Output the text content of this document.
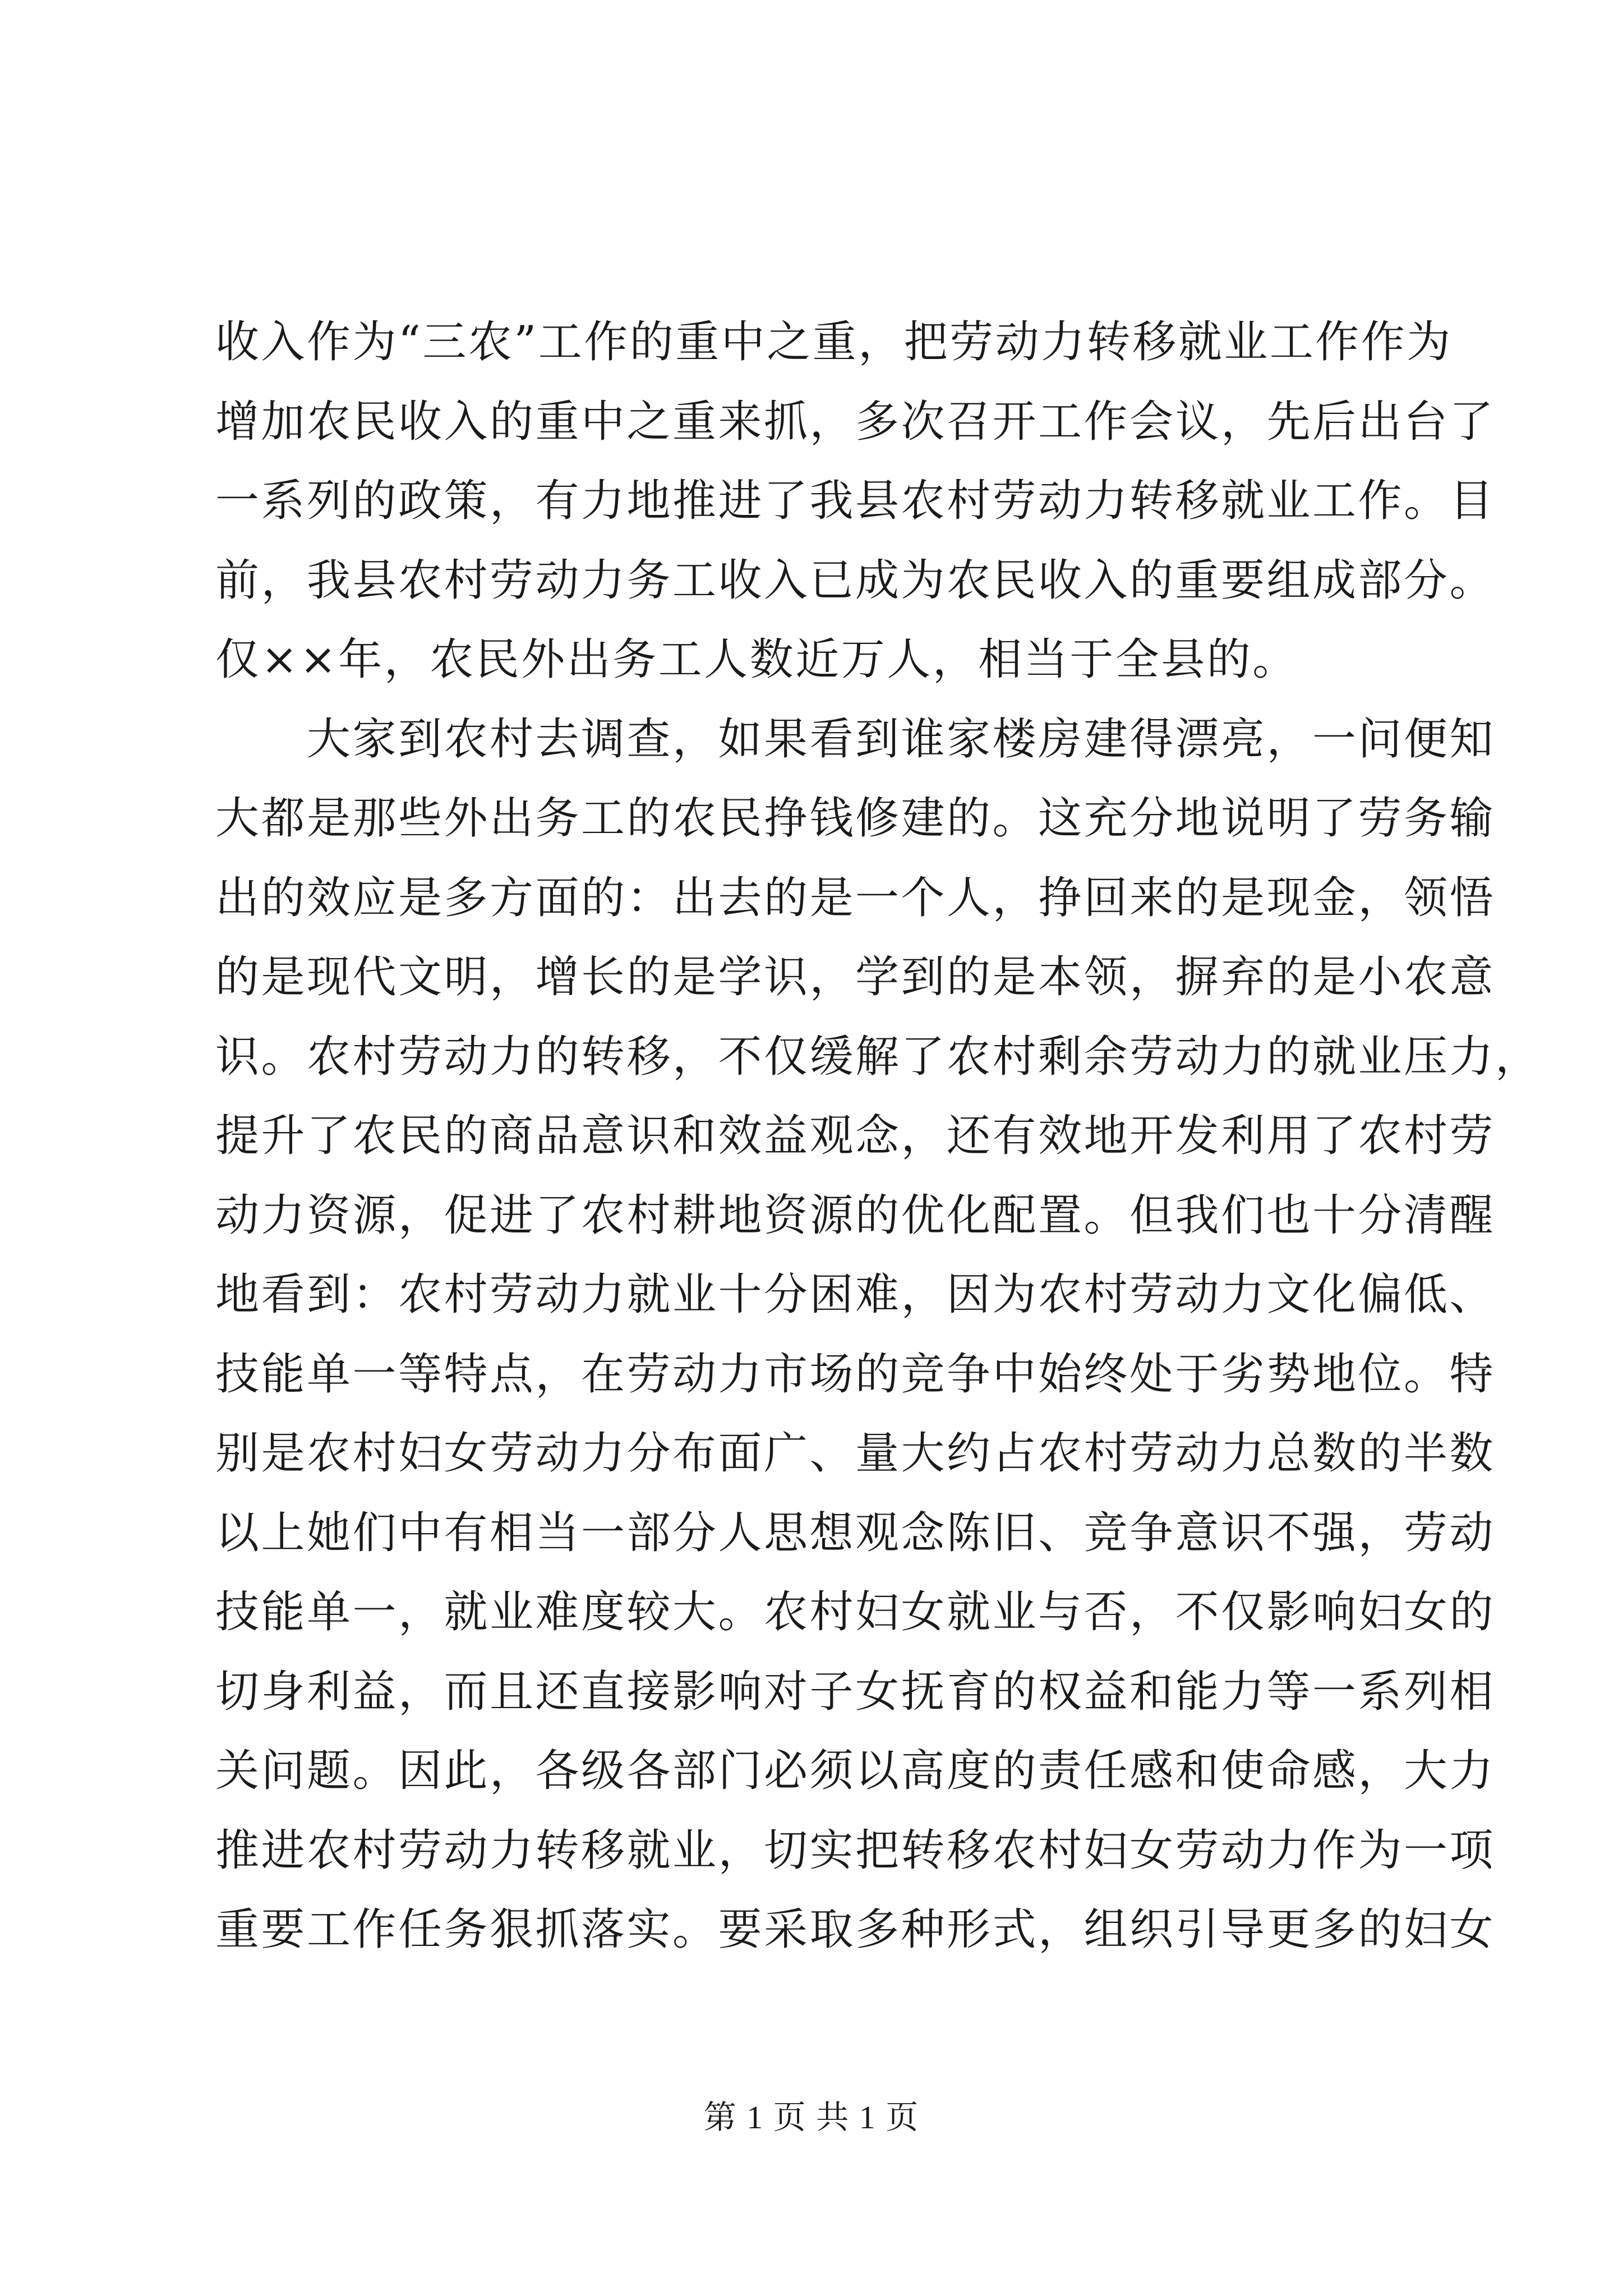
收入作为“三农”工作的重中之重，把劳动力转移就业工作作为
增加农民收入的重中之重来抓，多次召开工作会议，先后出台了
一系列的政策，有力地推进了我县农村劳动力转移就业工作。目
前，我县农村劳动力务工收入已成为农民收入的重要组成部分。
仅××年，农民外出务工人数近万人，相当于全县的。
　　大家到农村去调查，如果看到谁家楼房建得漂亮，一问便知
大都是那些外出务工的农民挣钱修建的。这充分地说明了劳务输
出的效应是多方面的：出去的是一个人，挣回来的是现金，领悟
的是现代文明，增长的是学识，学到的是本领，摒弃的是小农意
识。农村劳动力的转移，不仅缓解了农村剩余劳动力的就业压力，
提升了农民的商品意识和效益观念，还有效地开发利用了农村劳
动力资源，促进了农村耕地资源的优化配置。但我们也十分清醒
地看到：农村劳动力就业十分困难，因为农村劳动力文化偏低、
技能单一等特点，在劳动力市场的竞争中始终处于劣势地位。特
别是农村妇女劳动力分布面广、量大约占农村劳动力总数的半数
以上她们中有相当一部分人思想观念陈旧、竞争意识不强，劳动
技能单一，就业难度较大。农村妇女就业与否，不仅影响妇女的
切身利益，而且还直接影响对子女抚育的权益和能力等一系列相
关问题。因此，各级各部门必须以高度的责任感和使命感，大力
推进农村劳动力转移就业，切实把转移农村妇女劳动力作为一项
重要工作任务狠抓落实。要采取多种形式，组织引导更多的妇女
第 1 页 共 1 页
